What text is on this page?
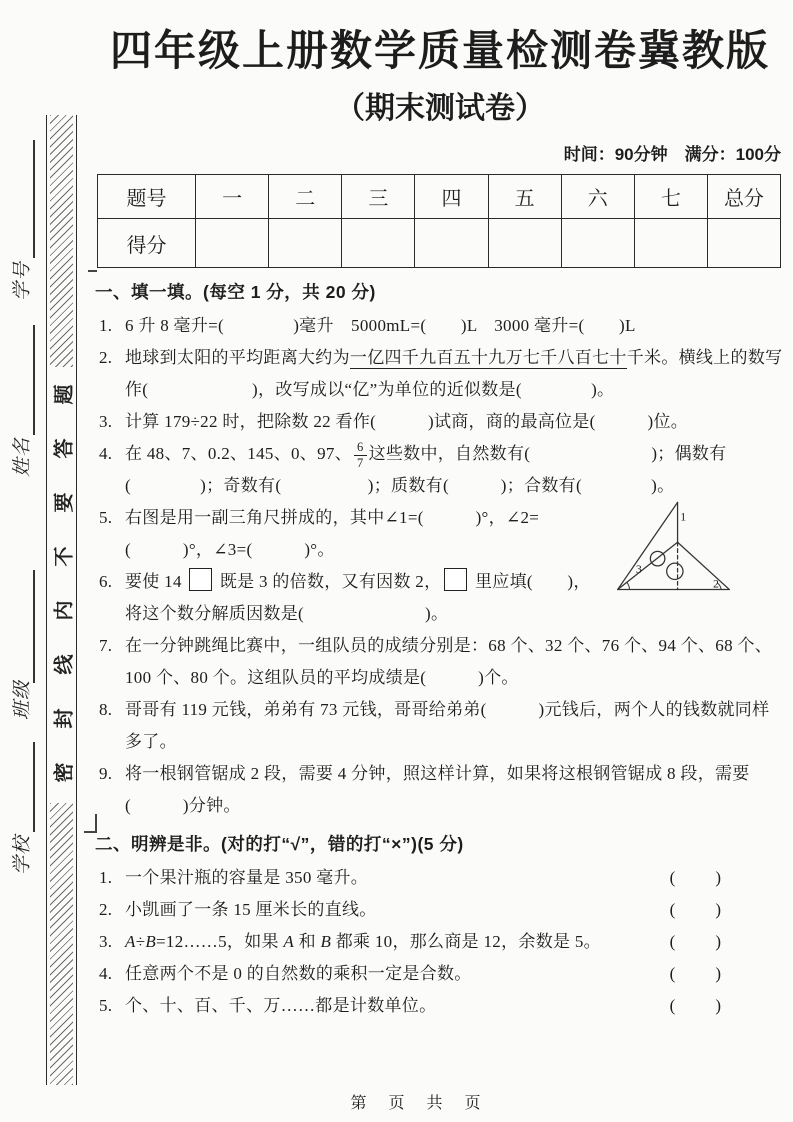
题
答
要
不
内
线
封
密
学号
姓名
班级
学校
四年级上册数学质量检测卷冀教版
（期末测试卷）
时间：90分钟　满分：100分
题号	一	二	三	四	五	六	七	总分
得分								
一、填一填。(每空 1 分，共 20 分)
1. 6 升 8 毫升=(　　　　)毫升　5000mL=(　　)L　3000 毫升=(　　)L
2. 地球到太阳的平均距离大约为一亿四千九百五十九万七千八百七十千米。横线上的数写作(　　　　　　)，改写成以“亿”为单位的近似数是(　　　　)。
3. 计算 179÷22 时，把除数 22 看作(　　　)试商，商的最高位是(　　　)位。
4. 在 48、7、0.2、145、0、97、 $\frac{6}{7}$ 这些数中，自然数有(　　　　　　　)；偶数有(　　　　)；奇数有(　　　　　)；质数有(　　　)；合数有(　　　　)。
1
3
2
5. 右图是用一副三角尺拼成的，其中∠1=(　　　)°，∠2=(　　　)°，∠3=(　　　)°。
6. 要使 14  既是 3 的倍数，又有因数 2， 里应填(　　)，将这个数分解质因数是(　　　　　　　)。
7. 在一分钟跳绳比赛中，一组队员的成绩分别是：68 个、32 个、76 个、94 个、68 个、100 个、80 个。这组队员的平均成绩是(　　　)个。
8. 哥哥有 119 元钱，弟弟有 73 元钱，哥哥给弟弟(　　　)元钱后，两个人的钱数就同样多了。
9. 将一根钢管锯成 2 段，需要 4 分钟，照这样计算，如果将这根钢管锯成 8 段，需要(　　　)分钟。
二、明辨是非。(对的打“√”，错的打“×”)(5 分)
1. 一个果汁瓶的容量是 350 毫升。	(　　)
2. 小凯画了一条 15 厘米长的直线。	(　　)
3. A÷B=12……5，如果 A 和 B 都乘 10，那么商是 12，余数是 5。	(　　)
4. 任意两个不是 0 的自然数的乘积一定是合数。	(　　)
5. 个、十、百、千、万……都是计数单位。	(　　)
第　页　共　页
